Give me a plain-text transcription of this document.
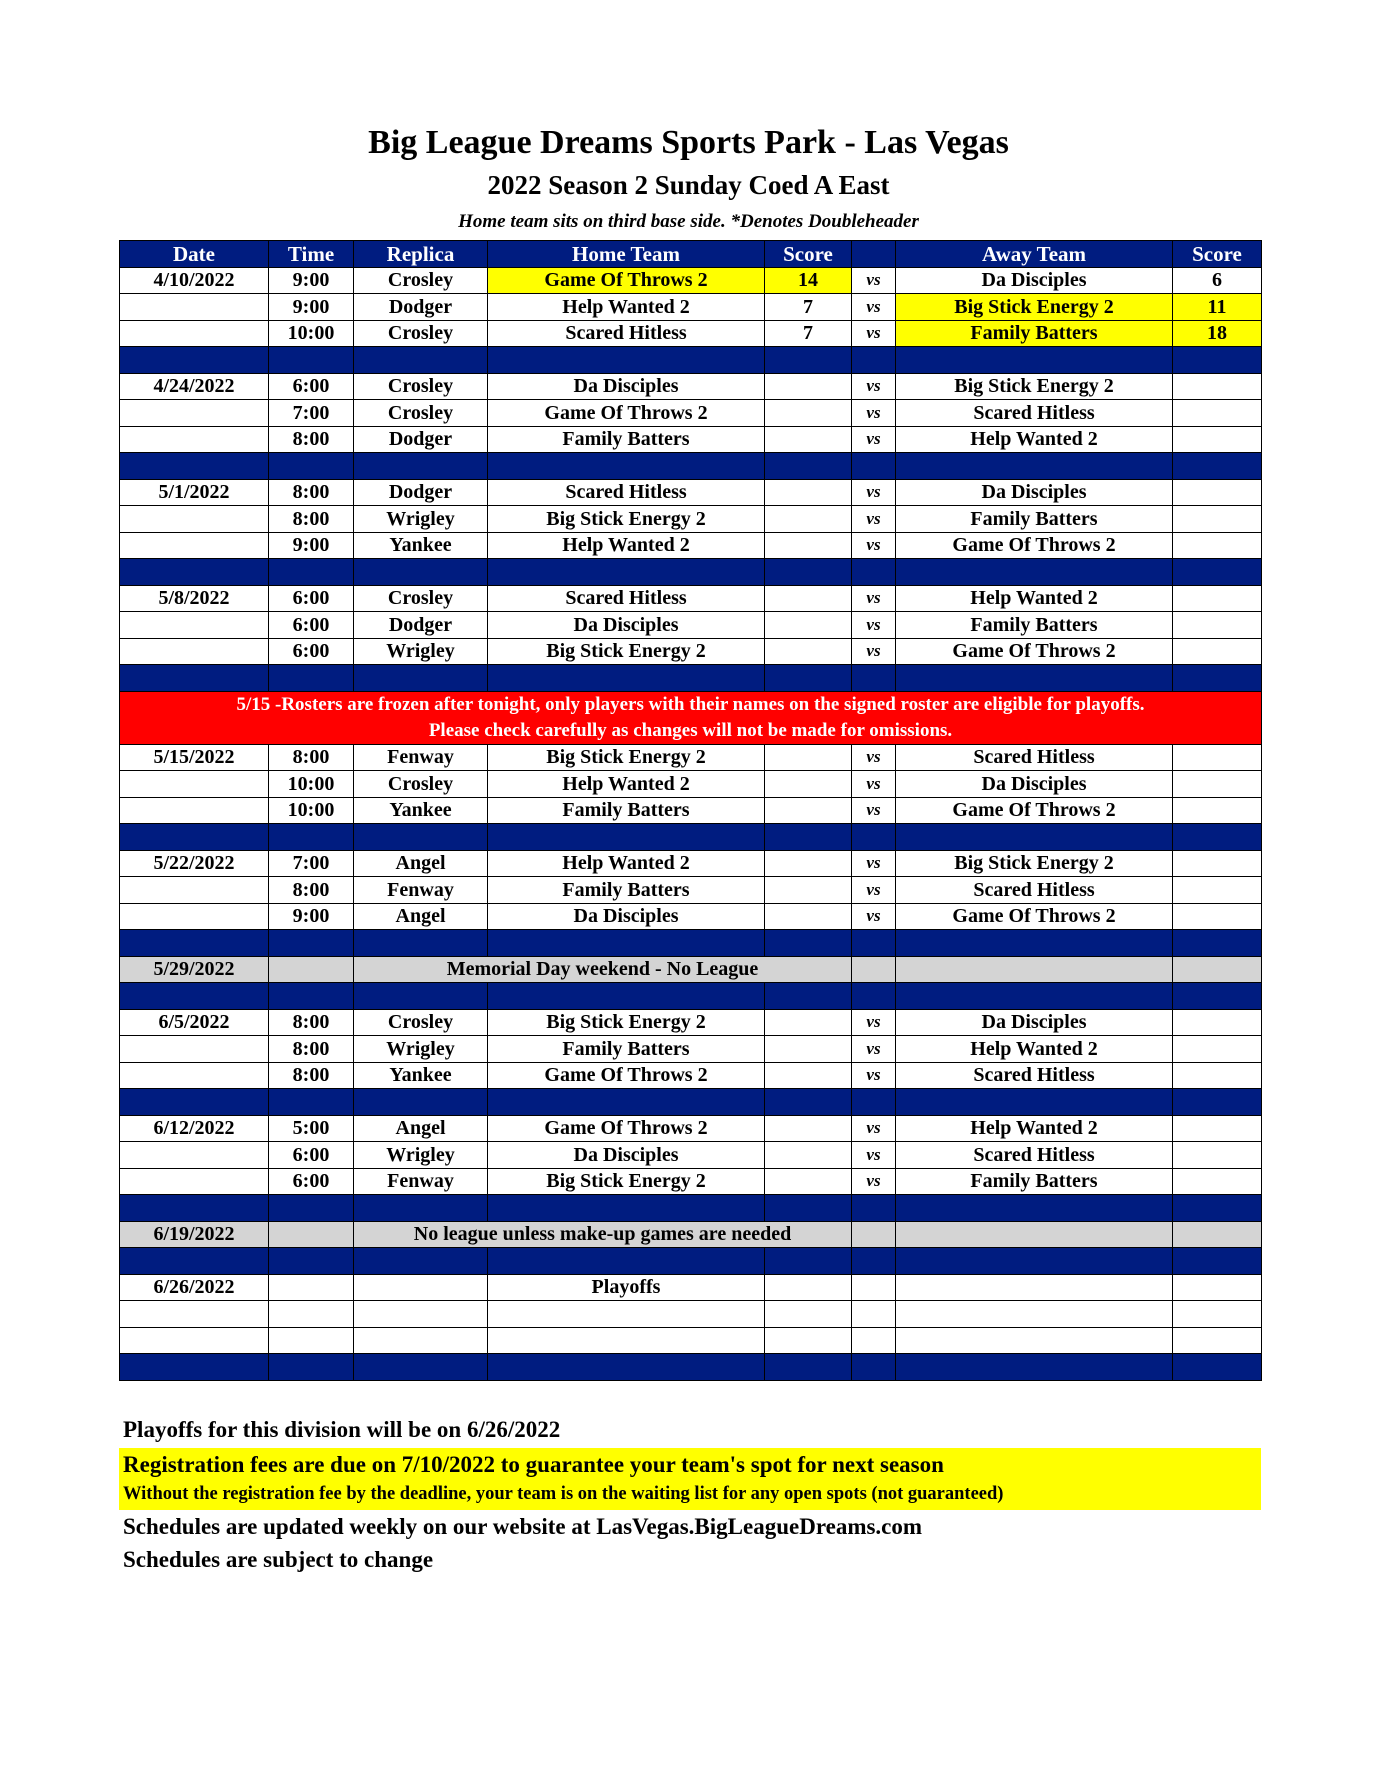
Big League Dreams Sports Park - Las Vegas
2022 Season 2 Sunday Coed A East
Home team sits on third base side. *Denotes Doubleheader
Date	Time	Replica	Home Team	Score		Away Team	Score
4/10/2022	9:00	Crosley	Game Of Throws 2	14	vs	Da Disciples	6
	9:00	Dodger	Help Wanted 2	7	vs	Big Stick Energy 2	11
	10:00	Crosley	Scared Hitless	7	vs	Family Batters	18

4/24/2022	6:00	Crosley	Da Disciples		vs	Big Stick Energy 2	
	7:00	Crosley	Game Of Throws 2		vs	Scared Hitless	
	8:00	Dodger	Family Batters		vs	Help Wanted 2	

5/1/2022	8:00	Dodger	Scared Hitless		vs	Da Disciples	
	8:00	Wrigley	Big Stick Energy 2		vs	Family Batters	
	9:00	Yankee	Help Wanted 2		vs	Game Of Throws 2	

5/8/2022	6:00	Crosley	Scared Hitless		vs	Help Wanted 2	
	6:00	Dodger	Da Disciples		vs	Family Batters	
	6:00	Wrigley	Big Stick Energy 2		vs	Game Of Throws 2	

5/15 -Rosters are frozen after tonight, only players with their names on the signed roster are eligible for playoffs.
Please check carefully as changes will not be made for omissions.							

5/15/2022	8:00	Fenway	Big Stick Energy 2		vs	Scared Hitless	
	10:00	Crosley	Help Wanted 2		vs	Da Disciples	
	10:00	Yankee	Family Batters		vs	Game Of Throws 2	

5/22/2022	7:00	Angel	Help Wanted 2		vs	Big Stick Energy 2	
	8:00	Fenway	Family Batters		vs	Scared Hitless	
	9:00	Angel	Da Disciples		vs	Game Of Throws 2	

5/29/2022		Memorial Day weekend - No League					

6/5/2022	8:00	Crosley	Big Stick Energy 2		vs	Da Disciples	
	8:00	Wrigley	Family Batters		vs	Help Wanted 2	
	8:00	Yankee	Game Of Throws 2		vs	Scared Hitless	

6/12/2022	5:00	Angel	Game Of Throws 2		vs	Help Wanted 2	
	6:00	Wrigley	Da Disciples		vs	Scared Hitless	
	6:00	Fenway	Big Stick Energy 2		vs	Family Batters	

6/19/2022		No league unless make-up games are needed					

6/26/2022			Playoffs				

Playoffs for this division will be on 6/26/2022
Registration fees are due on 7/10/2022 to guarantee your team's spot for next season
Without the registration fee by the deadline, your team is on the waiting list for any open spots (not guaranteed)
Schedules are updated weekly on our website at LasVegas.BigLeagueDreams.com
Schedules are subject to change
